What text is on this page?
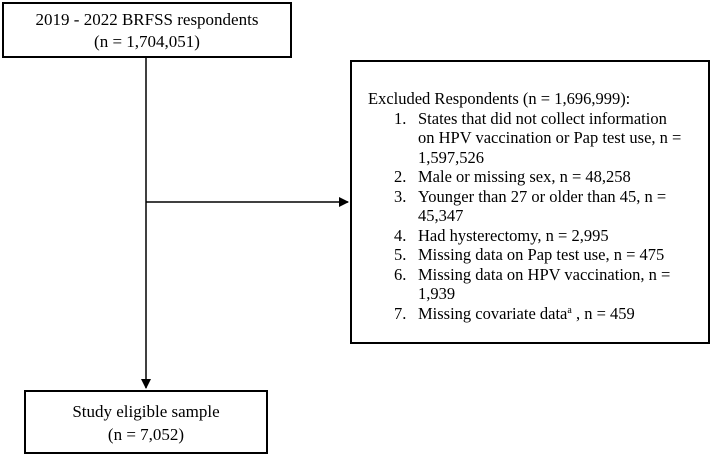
2019 - 2022 BRFSS respondents
(n = 1,704,051)
Excluded Respondents (n = 1,696,999):
1. States that did not collect information on HPV vaccination or Pap test use, n = 1,597,526
2. Male or missing sex, n = 48,258
3. Younger than 27 or older than 45, n = 45,347
4. Had hysterectomy, n = 2,995
5. Missing data on Pap test use, n = 475
6. Missing data on HPV vaccination, n = 1,939
7. Missing covariate data$^a$ , n = 459
Study eligible sample
(n = 7,052)
